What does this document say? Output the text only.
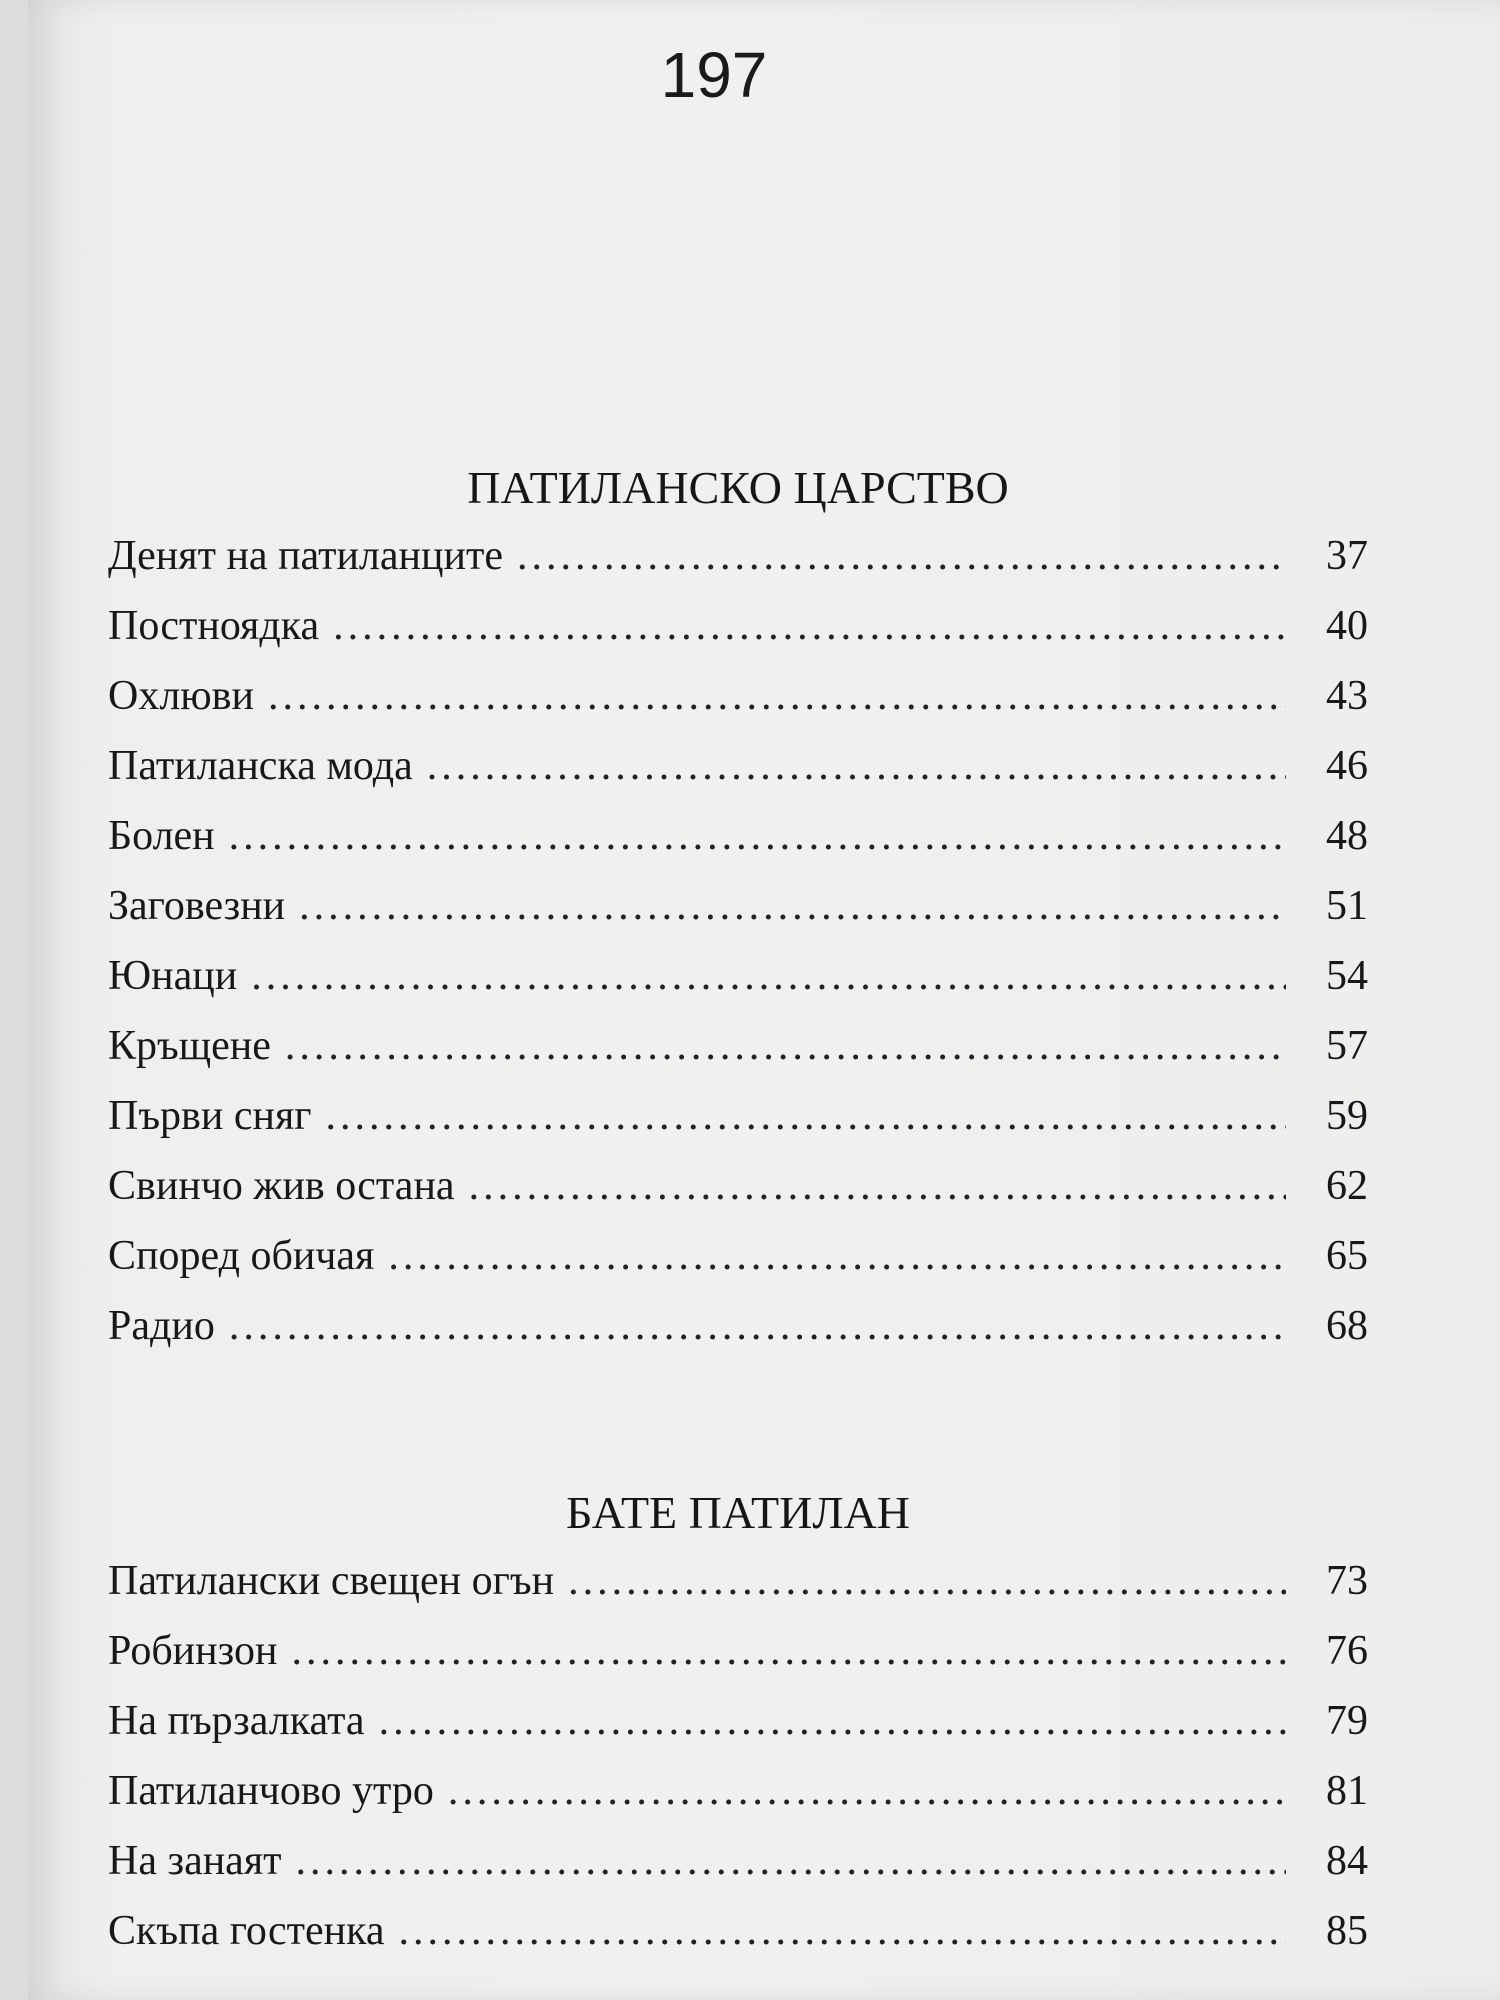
197
ПАТИЛАНСКО ЦАРСТВО
Денят на патиланците .....	37
Постноядка .....	40
Охлюви .....	43
Патиланска мода .....	46
Болен .....	48
Заговезни .....	51
Юнаци .....	54
Кръщене .....	57
Първи сняг .....	59
Свинчо жив остана .....	62
Според обичая .....	65
Радио .....	68
БАТЕ ПАТИЛАН
Патилански свещен огън .....	73
Робинзон .....	76
На пързалката .....	79
Патиланчово утро .....	81
На занаят .....	84
Скъпа гостенка .....	85
